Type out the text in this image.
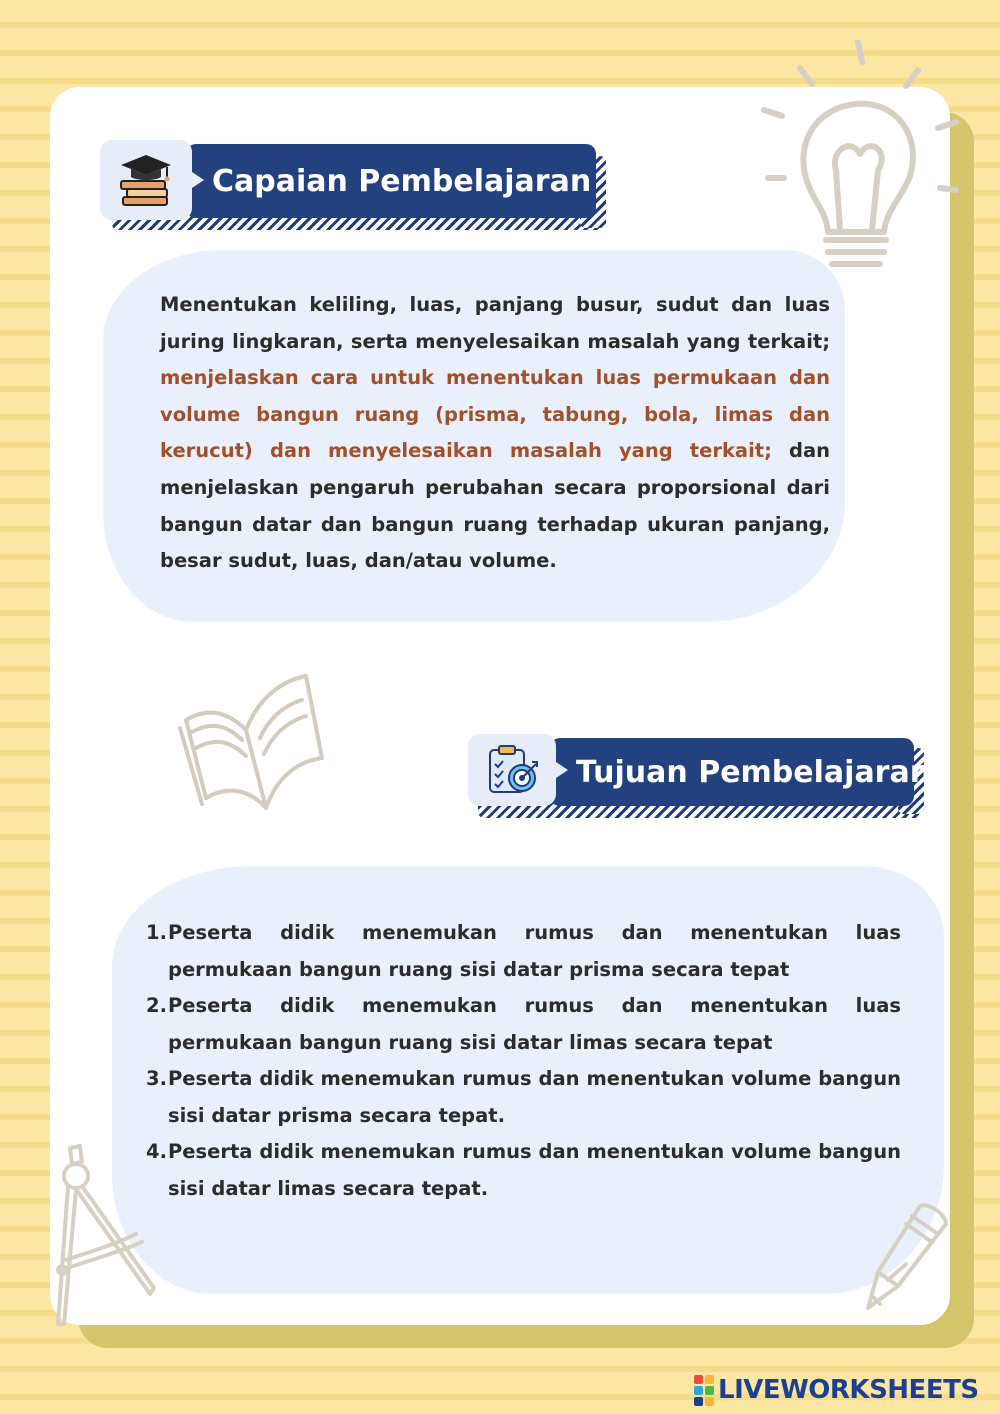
Capaian Pembelajaran

Menentukan keliling, luas, panjang busur, sudut dan luas juring lingkaran, serta menyelesaikan masalah yang terkait; menjelaskan cara untuk menentukan luas permukaan dan volume bangun ruang (prisma, tabung, bola, limas dan kerucut) dan menyelesaikan masalah yang terkait; dan menjelaskan pengaruh perubahan secara proporsional dari bangun datar dan bangun ruang terhadap ukuran panjang, besar sudut, luas, dan/atau volume.

Tujuan Pembelajaran
1. Peserta didik menemukan rumus dan menentukan luas permukaan bangun ruang sisi datar prisma secara tepat
2. Peserta didik menemukan rumus dan menentukan luas permukaan bangun ruang sisi datar limas secara tepat
3. Peserta didik menemukan rumus dan menentukan volume bangun sisi datar prisma secara tepat.
4. Peserta didik menemukan rumus dan menentukan volume bangun sisi datar limas secara tepat.
LIVEWORKSHEETS
